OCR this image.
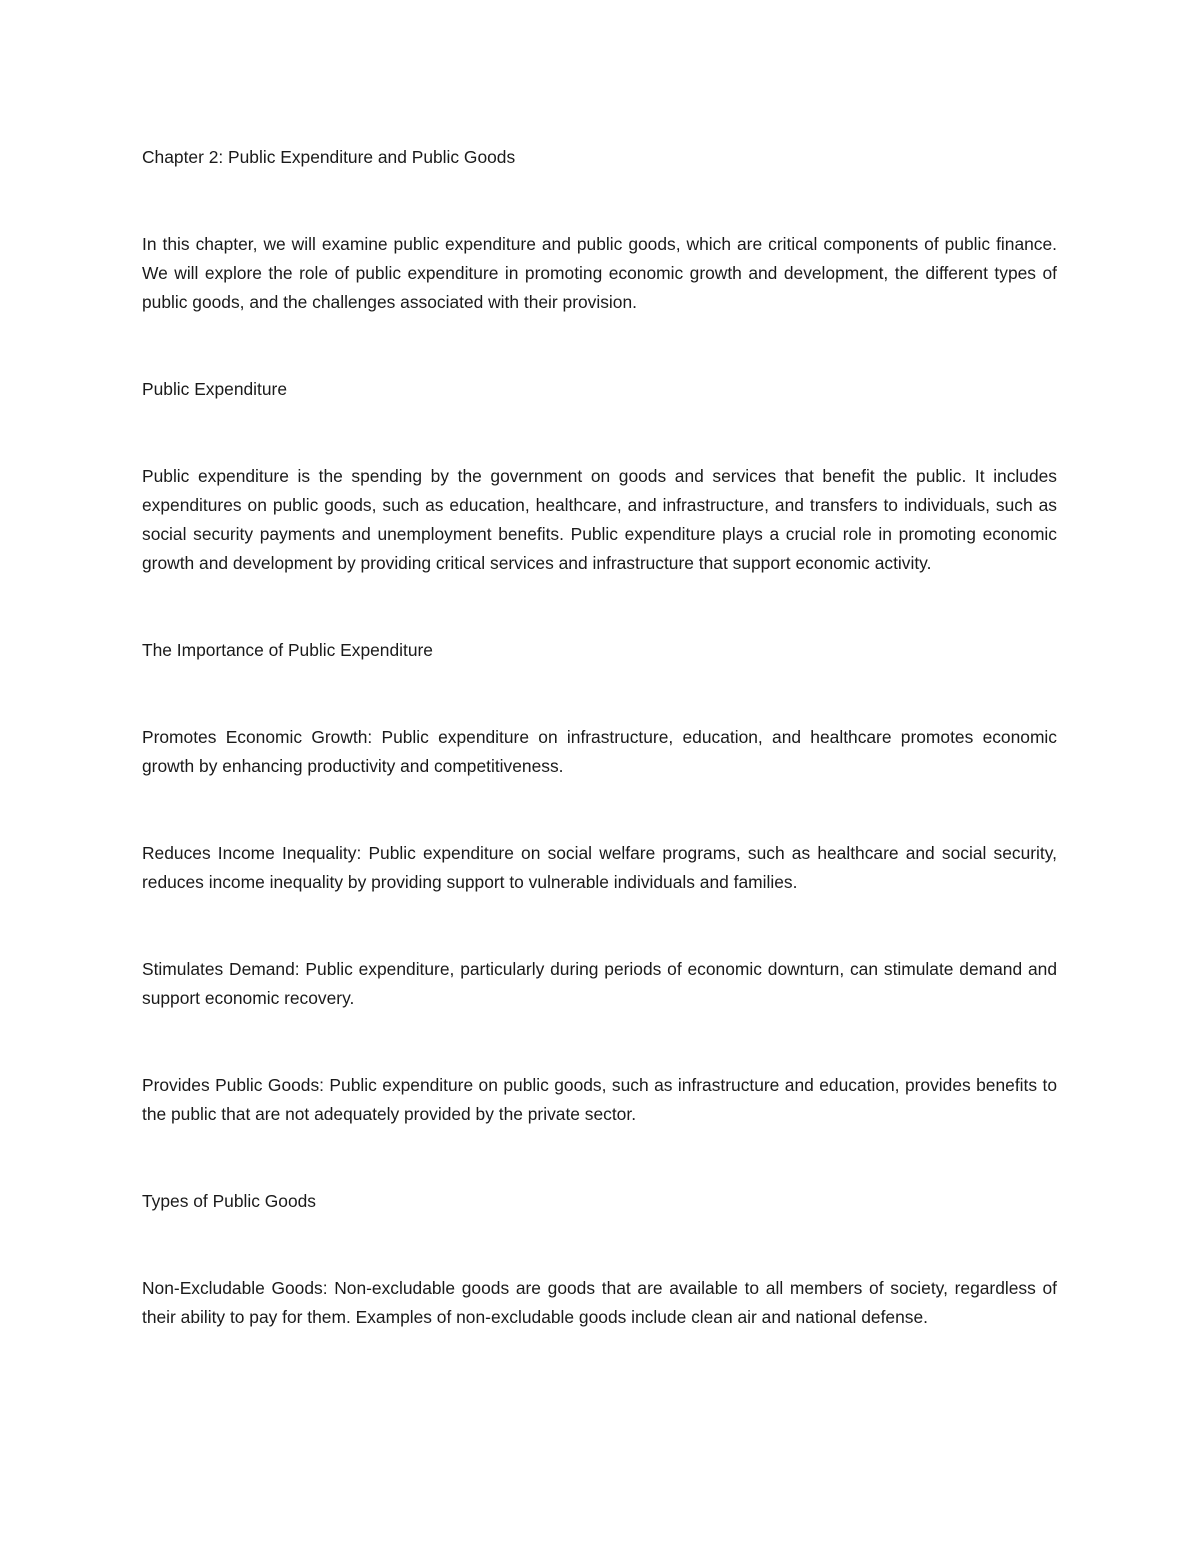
Chapter 2: Public Expenditure and Public Goods

In this chapter, we will examine public expenditure and public goods, which are critical components of public finance. We will explore the role of public expenditure in promoting economic growth and development, the different types of public goods, and the challenges associated with their provision.

Public Expenditure

Public expenditure is the spending by the government on goods and services that benefit the public. It includes expenditures on public goods, such as education, healthcare, and infrastructure, and transfers to individuals, such as social security payments and unemployment benefits. Public expenditure plays a crucial role in promoting economic growth and development by providing critical services and infrastructure that support economic activity.

The Importance of Public Expenditure

Promotes Economic Growth: Public expenditure on infrastructure, education, and healthcare promotes economic growth by enhancing productivity and competitiveness.

Reduces Income Inequality: Public expenditure on social welfare programs, such as healthcare and social security, reduces income inequality by providing support to vulnerable individuals and families.

Stimulates Demand: Public expenditure, particularly during periods of economic downturn, can stimulate demand and support economic recovery.

Provides Public Goods: Public expenditure on public goods, such as infrastructure and education, provides benefits to the public that are not adequately provided by the private sector.

Types of Public Goods

Non-Excludable Goods: Non-excludable goods are goods that are available to all members of society, regardless of their ability to pay for them. Examples of non-excludable goods include clean air and national defense.
